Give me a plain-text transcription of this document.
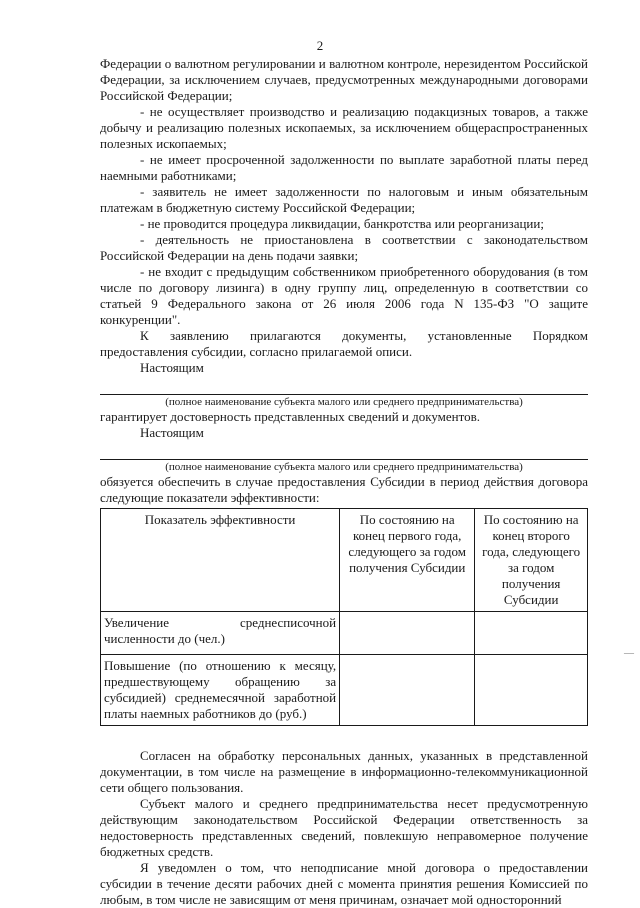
2

Федерации о валютном регулировании и валютном контроле, нерезидентом Российской Федерации, за исключением случаев, предусмотренных международными договорами Российской Федерации;

- не осуществляет производство и реализацию подакцизных товаров, а также добычу и реализацию полезных ископаемых, за исключением общераспространенных полезных ископаемых;

- не имеет просроченной задолженности по выплате заработной платы перед наемными работниками;

- заявитель не имеет задолженности по налоговым и иным обязательным платежам в бюджетную систему Российской Федерации;

- не проводится процедура ликвидации, банкротства или реорганизации;

- деятельность не приостановлена в соответствии с законодательством Российской Федерации на день подачи заявки;

- не входит с предыдущим собственником приобретенного оборудования (в том числе по договору лизинга) в одну группу лиц, определенную в соответствии со статьей 9 Федерального закона от 26 июля 2006 года N 135-ФЗ "О защите конкуренции".

К заявлению прилагаются документы, установленные Порядком предоставления субсидии, согласно прилагаемой описи.

Настоящим

(полное наименование субъекта малого или среднего предпринимательства)

гарантирует достоверность представленных сведений и документов.

Настоящим

(полное наименование субъекта малого или среднего предпринимательства)

обязуется обеспечить в случае предоставления Субсидии в период действия договора следующие показатели эффективности:

Показатель эффективности	По состоянию на конец первого года, следующего за годом получения Субсидии	По состоянию на конец второго года, следующего за годом получения Субсидии
Увеличение среднесписочной численности до (чел.)		
Повышение (по отношению к месяцу, предшествующему обращению за субсидией) среднемесячной заработной платы наемных работников до (руб.)		

Согласен на обработку персональных данных, указанных в представленной документации, в том числе на размещение в информационно-телекоммуникационной сети общего пользования.

Субъект малого и среднего предпринимательства несет предусмотренную действующим законодательством Российской Федерации ответственность за недостоверность представленных сведений, повлекшую неправомерное получение бюджетных средств.

Я уведомлен о том, что неподписание мной договора о предоставлении субсидии в течение десяти рабочих дней с момента принятия решения Комиссией по любым, в том числе не зависящим от меня причинам, означает мой односторонний

—
